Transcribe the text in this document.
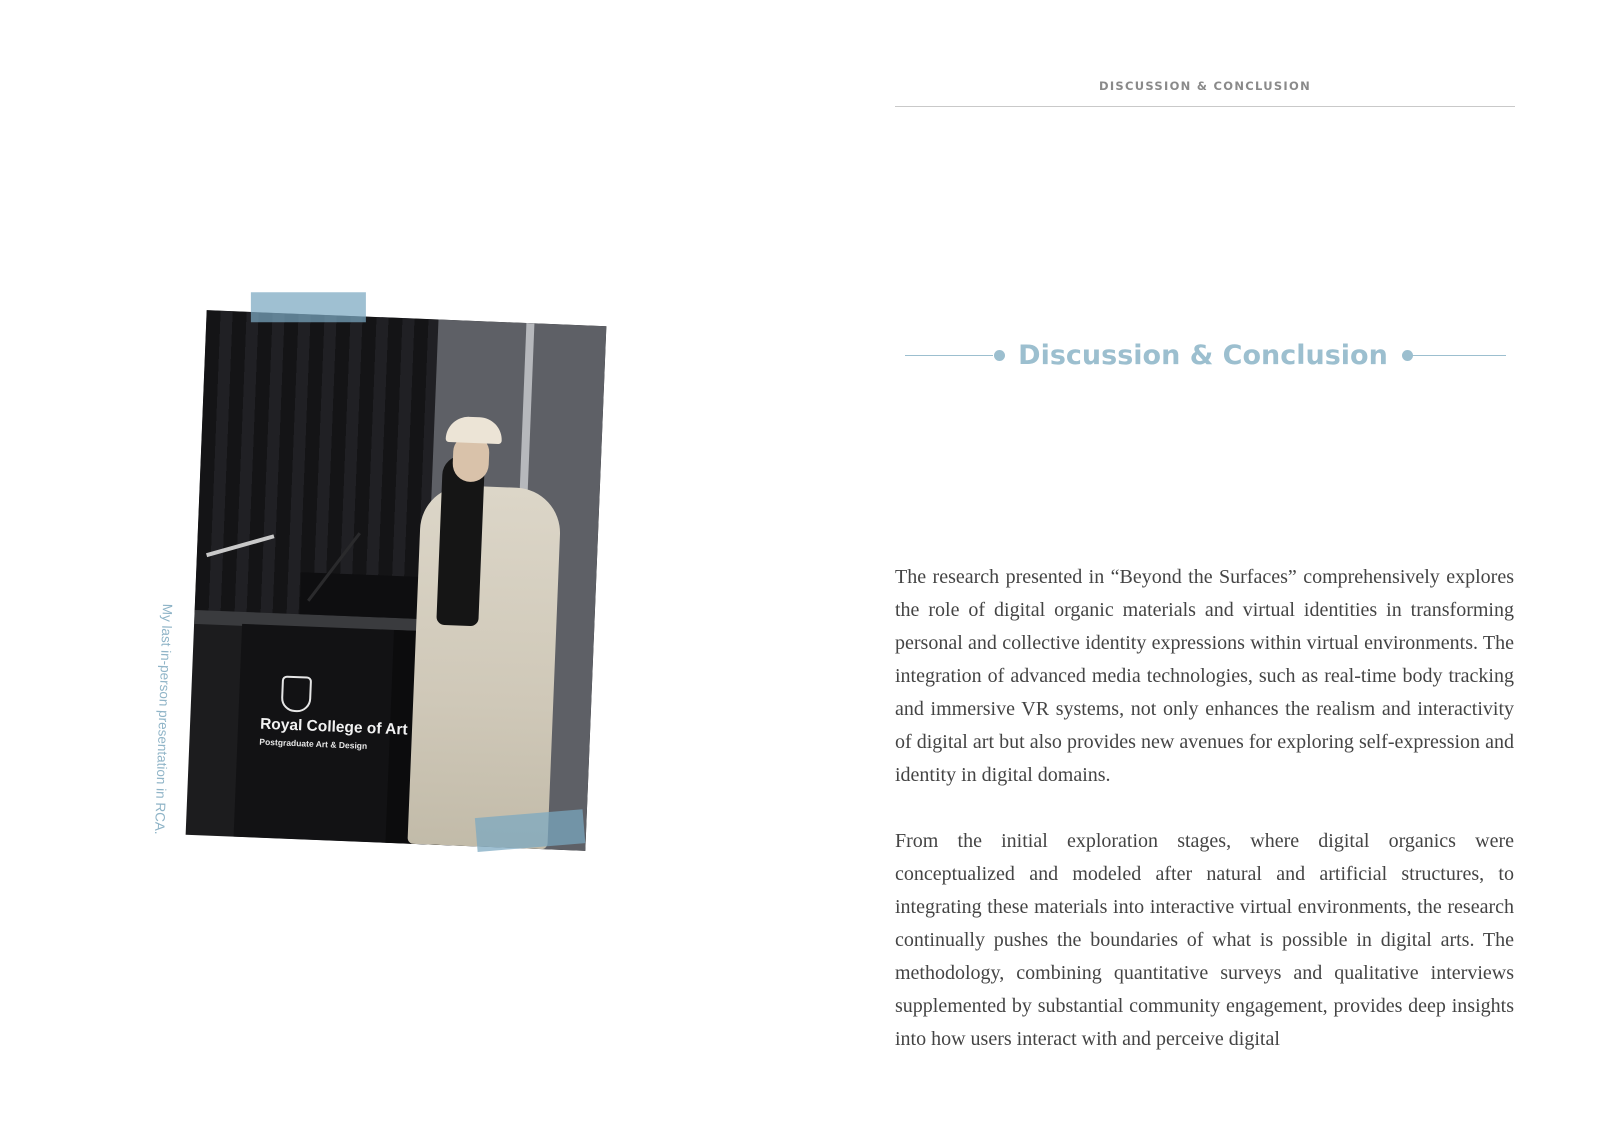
DISCUSSION & CONCLUSION
Discussion & Conclusion

The research presented in “Beyond the Surfaces” comprehensively explores the role of digital organic materials and virtual identities in transforming personal and collective identity expressions within virtual environments. The integration of advanced media technologies, such as real-time body tracking and immersive VR systems, not only enhances the realism and interactivity of digital art but also provides new avenues for exploring self-expression and identity in digital domains.

From the initial exploration stages, where digital organics were conceptualized and modeled after natural and artificial structures, to integrating these materials into interactive virtual environments, the research continually pushes the boundaries of what is possible in digital arts. The methodology, combining quantitative surveys and qualitative interviews supplemented by substantial community engagement, provides deep insights into how users interact with and perceive digital

Royal College of Art
Postgraduate Art & Design
My last in-person presentation in RCA.
